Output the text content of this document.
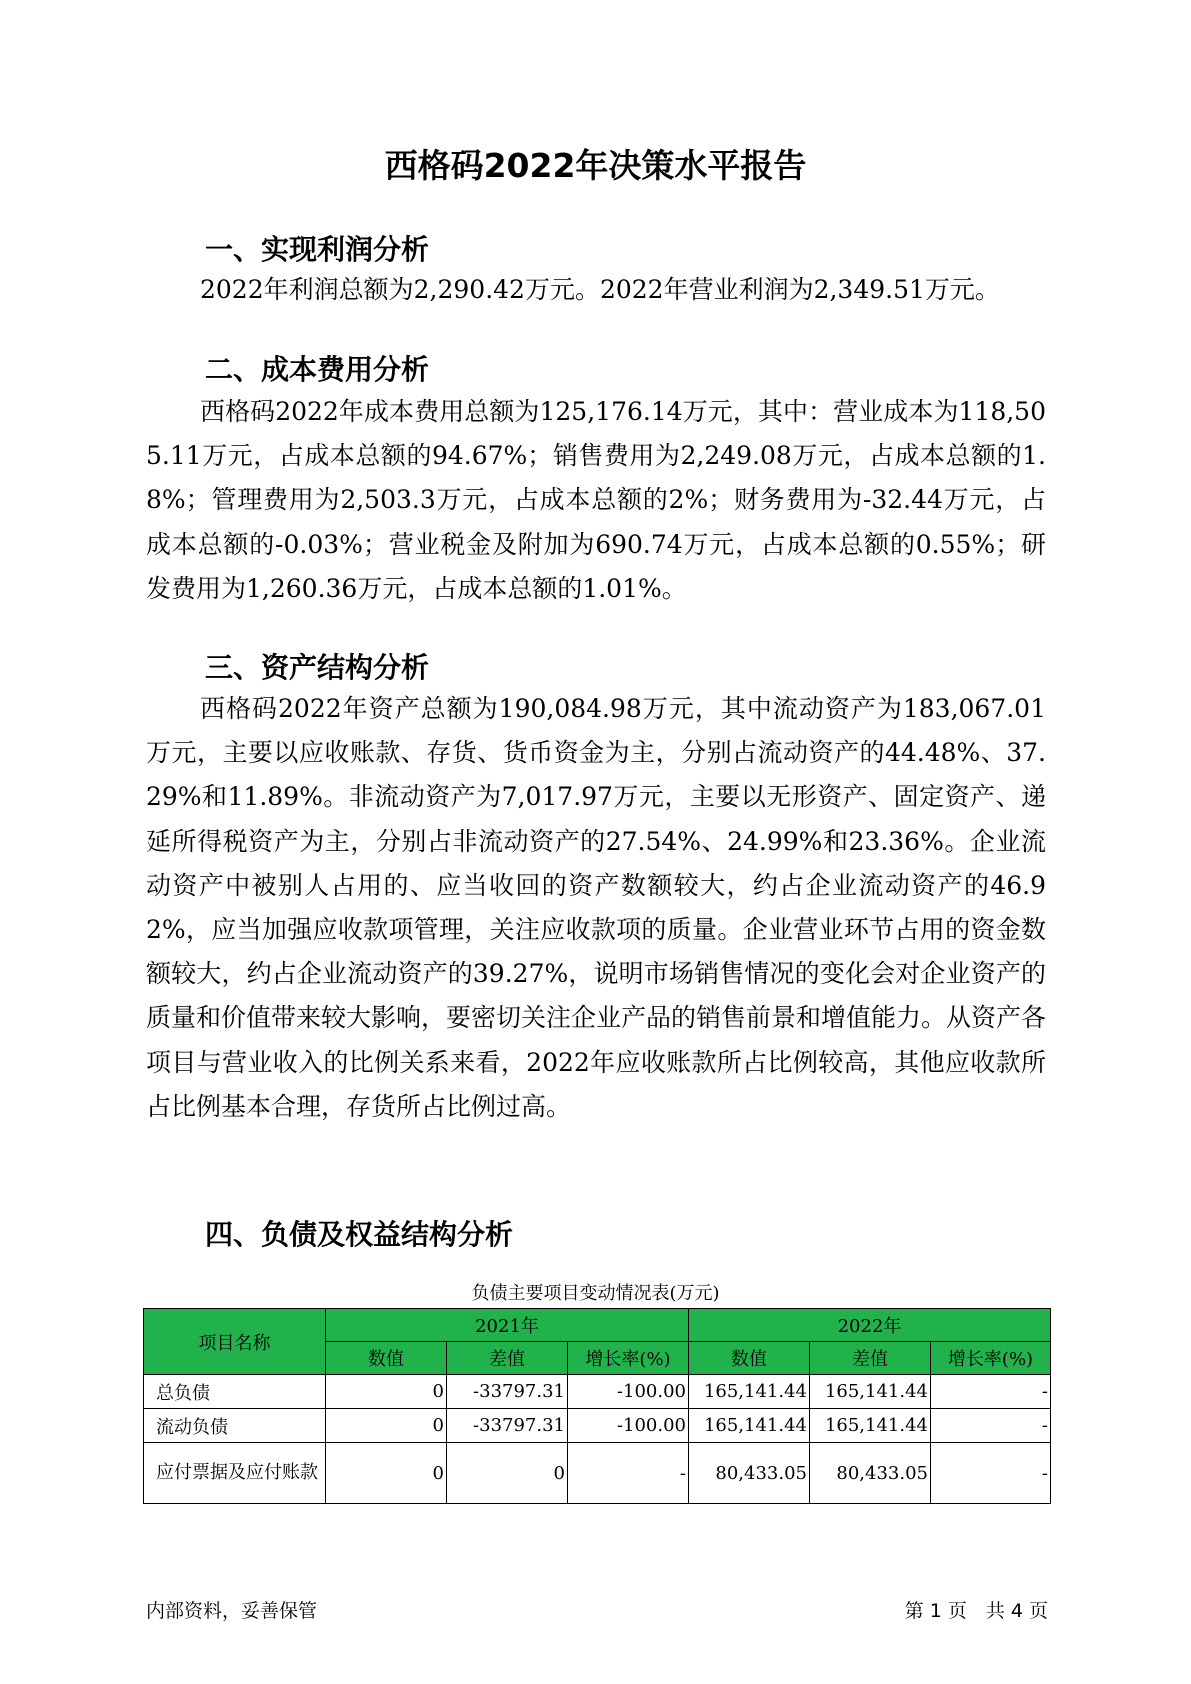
西格码2022年决策水平报告
一、实现利润分析
2022年利润总额为2,290.42万元。2022年营业利润为2,349.51万元。
二、成本费用分析
西格码2022年成本费用总额为125,176.14万元，其中：营业成本为118,505.11万元，占成本总额的94.67%；销售费用为2,249.08万元，占成本总额的1.8%；管理费用为2,503.3万元，占成本总额的2%；财务费用为-32.44万元，占成本总额的-0.03%；营业税金及附加为690.74万元，占成本总额的0.55%；研发费用为1,260.36万元，占成本总额的1.01%。
三、资产结构分析
西格码2022年资产总额为190,084.98万元，其中流动资产为183,067.01万元，主要以应收账款、存货、货币资金为主，分别占流动资产的44.48%、37.29%和11.89%。非流动资产为7,017.97万元，主要以无形资产、固定资产、递延所得税资产为主，分别占非流动资产的27.54%、24.99%和23.36%。企业流动资产中被别人占用的、应当收回的资产数额较大，约占企业流动资产的46.92%，应当加强应收款项管理，关注应收款项的质量。企业营业环节占用的资金数额较大，约占企业流动资产的39.27%，说明市场销售情况的变化会对企业资产的质量和价值带来较大影响，要密切关注企业产品的销售前景和增值能力。从资产各项目与营业收入的比例关系来看，2022年应收账款所占比例较高，其他应收款所占比例基本合理，存货所占比例过高。
四、负债及权益结构分析
负债主要项目变动情况表(万元)
项目名称	2021年			2022年		
	数值	差值	增长率(%)	数值	差值	增长率(%)
总负债	0	-33797.31	-100.00	165,141.44	165,141.44	-
流动负债	0	-33797.31	-100.00	165,141.44	165,141.44	-
应付票据及应付账款	0	0	-	80,433.05	80,433.05	-
内部资料，妥善保管	第 1 页　共 4 页
